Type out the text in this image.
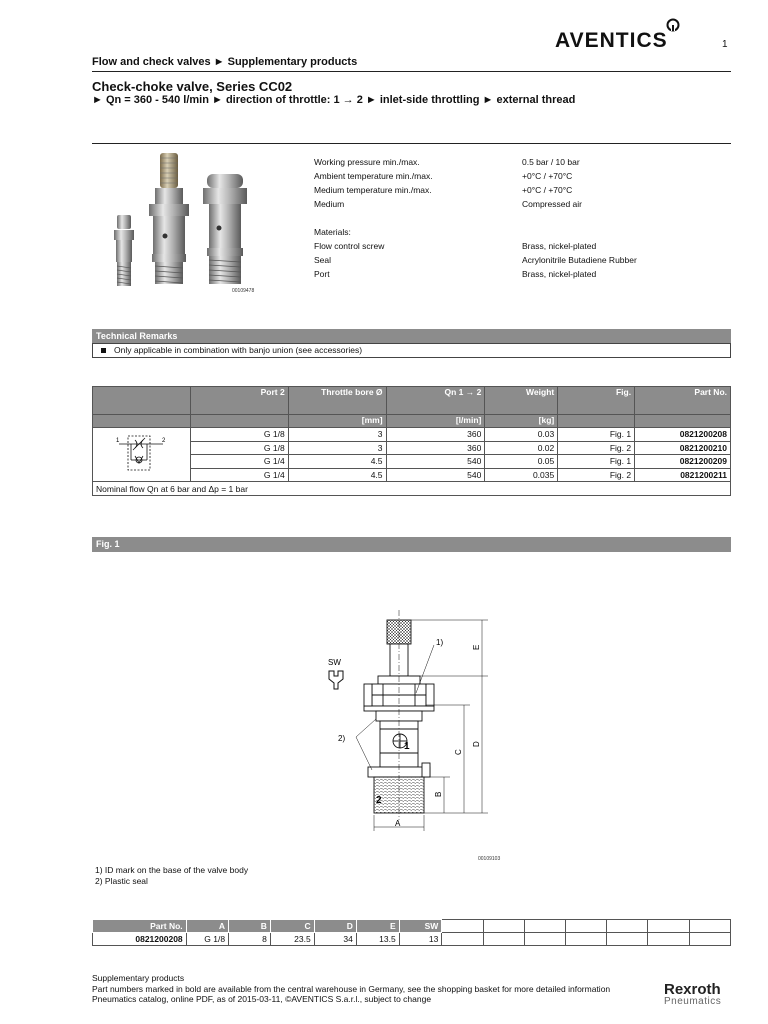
AVENTICS	1
Flow and check valves ► Supplementary products
Check-choke valve, Series CC02
► Qn = 360 - 540 l/min ► direction of throttle: 1 → 2 ► inlet-side throttling ► external thread
00109478
Working pressure min./max.	0.5 bar / 10 bar
Ambient temperature min./max.	+0°C / +70°C
Medium temperature min./max.	+0°C / +70°C
Medium	Compressed air
Materials:
Flow control screw	Brass, nickel-plated
Seal	Acrylonitrile Butadiene Rubber
Port	Brass, nickel-plated
Technical Remarks
Only applicable in combination with banjo union (see accessories)
	Port 2	Throttle bore Ø	Qn 1 → 2	Weight	Fig.	Part No.
		[mm]	[l/min]	[kg]		

1 2	G 1/8	3	360	0.03	Fig. 1	0821200208
	G 1/8	3	360	0.02	Fig. 2	0821200210
	G 1/4	4.5	540	0.05	Fig. 1	0821200209
	G 1/4	4.5	540	0.035	Fig. 2	0821200211
Nominal flow Qn at 6 bar and Δp = 1 bar						
Fig. 1
SW
1)
2)
1
2
A
B
C
D
E
00109103
1) ID mark on the base of the valve body
2) Plastic seal
Part No.	A	B	C	D	E	SW							
0821200208	G 1/8	8	23.5	34	13.5	13							
Supplementary products
Part numbers marked in bold are available from the central warehouse in Germany, see the shopping basket for more detailed information
Pneumatics catalog, online PDF, as of 2015-03-11, ©AVENTICS S.a.r.l., subject to change
Rexroth
Pneumatics
